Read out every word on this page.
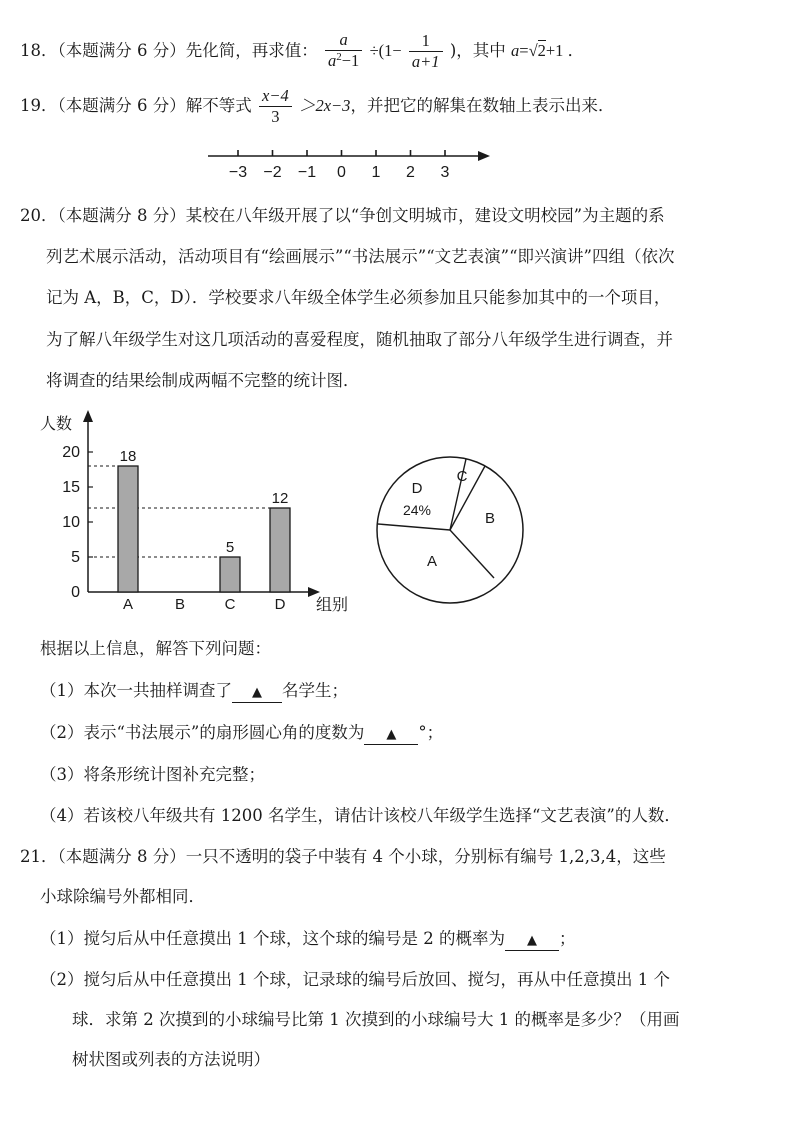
18．（本题满分 6 分）先化简，再求值： $\frac{a}{a^2-1} \div(1- \frac{1}{a+1}$ )，其中 a=√2+1 ．
19．（本题满分 6 分）解不等式 $\frac{x-4}{3} >2x-3$，并把它的解集在数轴上表示出来．
−3 −2 −1 0 1 2 3
20．（本题满分 8 分）某校在八年级开展了以“争创文明城市，建设文明校园”为主题的系
列艺术展示活动，活动项目有“绘画展示”“书法展示”“文艺表演”“即兴演讲”四组（依次
记为 A，B，C，D）．学校要求八年级全体学生必须参加且只能参加其中的一个项目，
为了解八年级学生对这几项活动的喜爱程度，随机抽取了部分八年级学生进行调查，并
将调查的结果绘制成两幅不完整的统计图．
人数
组别
0
5
10
15
20	18
5
12
A	B	C	D
D
24%
C
B
A
根据以上信息，解答下列问题：
（1）本次一共抽样调查了 ▲ 名学生；
（2）表示“书法展示”的扇形圆心角的度数为 ▲ °；
（3）将条形统计图补充完整；
（4）若该校八年级共有 1200 名学生，请估计该校八年级学生选择“文艺表演”的人数．
21．（本题满分 8 分）一只不透明的袋子中装有 4 个小球，分别标有编号 1,2,3,4，这些
小球除编号外都相同．
（1）搅匀后从中任意摸出 1 个球，这个球的编号是 2 的概率为 ▲ ；
（2）搅匀后从中任意摸出 1 个球，记录球的编号后放回、搅匀，再从中任意摸出 1 个
球．求第 2 次摸到的小球编号比第 1 次摸到的小球编号大 1 的概率是多少？（用画
树状图或列表的方法说明）
